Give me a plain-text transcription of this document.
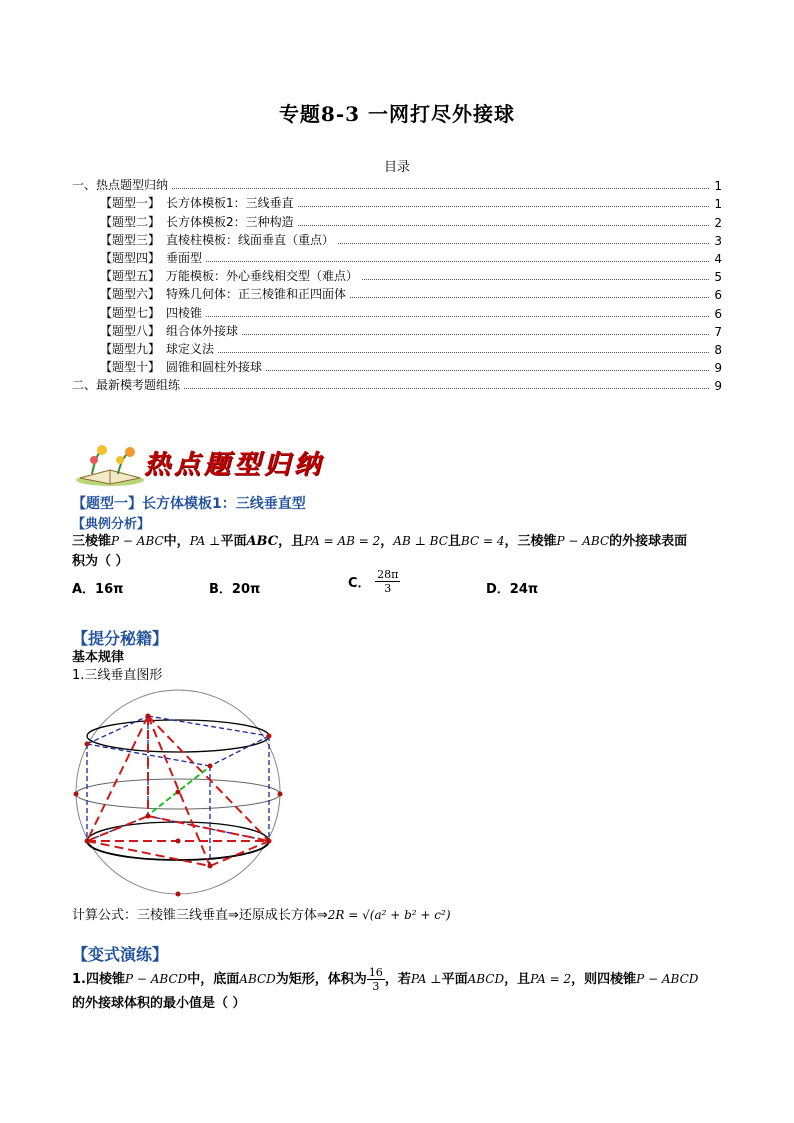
专题8-3 一网打尽外接球
目录
一、热点题型归纳	1
【题型一】 长方体模板1：三线垂直	1
【题型二】 长方体模板2：三种构造	2
【题型三】 直棱柱模板：线面垂直（重点）	3
【题型四】 垂面型	4
【题型五】 万能模板：外心垂线相交型（难点）	5
【题型六】 特殊几何体：正三棱锥和正四面体	6
【题型七】 四棱锥	6
【题型八】 组合体外接球	7
【题型九】 球定义法	8
【题型十】 圆锥和圆柱外接球	9
二、最新模考题组练	9
热点题型归纳
【题型一】长方体模板1：三线垂直型
【典例分析】
三棱锥P − ABC中，PA ⊥平面ABC，且PA = AB = 2，AB ⊥ BC且BC = 4，三棱锥P − ABC的外接球表面
积为（ ）
A．16π	B．20π	C． $\frac{28\pi}{3}$	D．24π
【提分秘籍】
基本规律
1.三线垂直图形
计算公式：三棱锥三线垂直⇒还原成长方体⇒2R = √(a² + b² + c²)
【变式演练】
1.四棱锥P − ABCD中，底面ABCD为矩形，体积为 $\frac{16}{3}$ ，若PA ⊥平面ABCD，且PA = 2，则四棱锥P − ABCD
的外接球体积的最小值是（ ）
